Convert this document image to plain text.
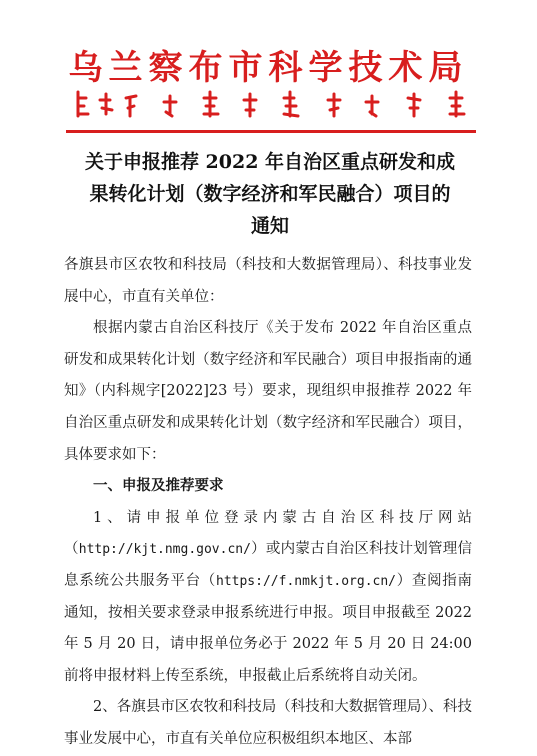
乌兰察布市科学技术局
关于申报推荐 2022 年自治区重点研发和成
果转化计划（数字经济和军民融合）项目的
通知

各旗县市区农牧和科技局（科技和大数据管理局）、科技事业发展中心，市直有关单位：

根据内蒙古自治区科技厅《关于发布 2022 年自治区重点研发和成果转化计划（数字经济和军民融合）项目申报指南的通知》（内科规字[2022]23 号）要求，现组织申报推荐 2022 年自治区重点研发和成果转化计划（数字经济和军民融合）项目，具体要求如下：

一、申报及推荐要求

1、请申报单位登录内蒙古自治区科技厅网站（http://kjt.nmg.gov.cn/）或内蒙古自治区科技计划管理信息系统公共服务平台（https://f.nmkjt.org.cn/）查阅指南通知，按相关要求登录申报系统进行申报。项目申报截至 2022 年 5 月 20 日，请申报单位务必于 2022 年 5 月 20 日 24:00 前将申报材料上传至系统，申报截止后系统将自动关闭。

2、各旗县市区农牧和科技局（科技和大数据管理局）、科技事业发展中心，市直有关单位应积极组织本地区、本部
